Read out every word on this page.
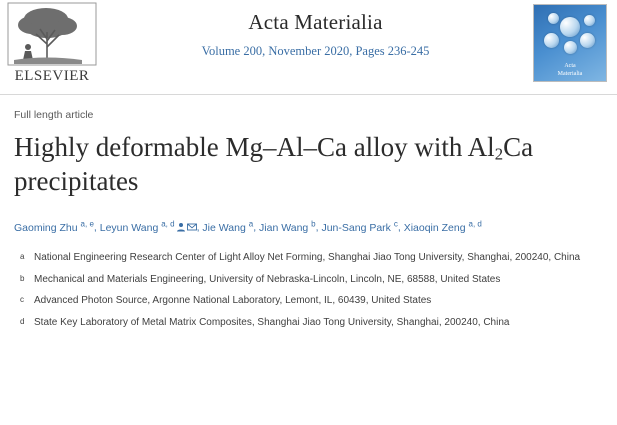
ELSEVIER
Acta Materialia
Volume 200, November 2020, Pages 236-245
Acta
Materialia
Full length article
Highly deformable Mg–Al–Ca alloy with $Al_2Ca$ precipitates
Gaoming Zhu $^{a, e}$, Leyun Wang $^{a, d}$ , Jie Wang $^a$, Jian Wang $^b$, Jun-Sang Park $^c$, Xiaoqin Zeng $^{a, d}$
a National Engineering Research Center of Light Alloy Net Forming, Shanghai Jiao Tong University, Shanghai, 200240, China
b Mechanical and Materials Engineering, University of Nebraska-Lincoln, Lincoln, NE, 68588, United States
c	Advanced Photon Source, Argonne National Laboratory, Lemont, IL, 60439, United States
d State Key Laboratory of Metal Matrix Composites, Shanghai Jiao Tong University, Shanghai, 200240, China
